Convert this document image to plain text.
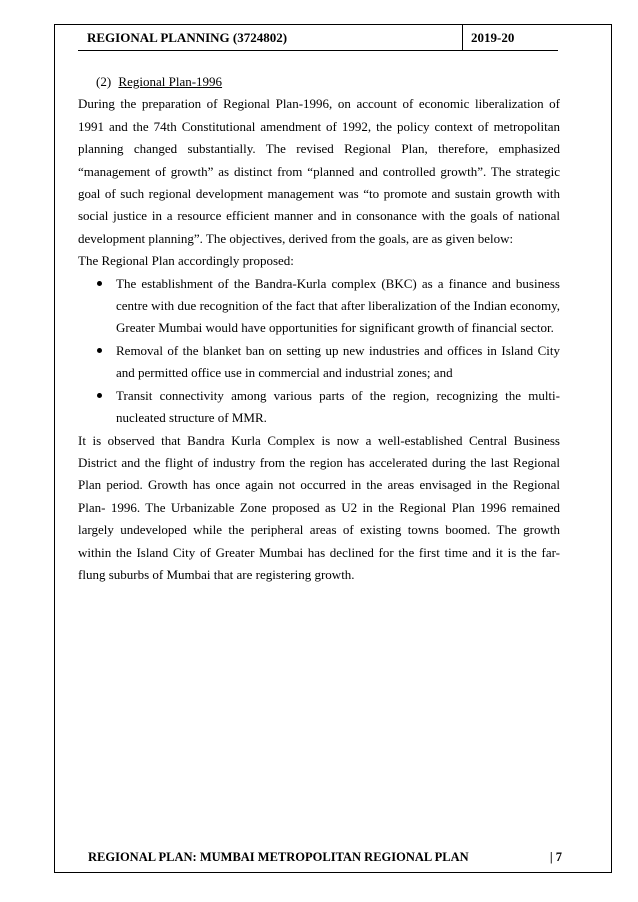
REGIONAL PLANNING (3724802)	2019-20

(2) Regional Plan-1996

During the preparation of Regional Plan-1996, on account of economic liberalization of 1991 and the 74th Constitutional amendment of 1992, the policy context of metropolitan planning changed substantially. The revised Regional Plan, therefore, emphasized “management of growth” as distinct from “planned and controlled growth”. The strategic goal of such regional development management was “to promote and sustain growth with social justice in a resource efficient manner and in consonance with the goals of national development planning”. The objectives, derived from the goals, are as given below:

The Regional Plan accordingly proposed:

The establishment of the Bandra-Kurla complex (BKC) as a finance and business centre with due recognition of the fact that after liberalization of the Indian economy, Greater Mumbai would have opportunities for significant growth of financial sector.
Removal of the blanket ban on setting up new industries and offices in Island City and permitted office use in commercial and industrial zones; and
Transit connectivity among various parts of the region, recognizing the multi-nucleated structure of MMR.

It is observed that Bandra Kurla Complex is now a well-established Central Business District and the flight of industry from the region has accelerated during the last Regional Plan period. Growth has once again not occurred in the areas envisaged in the Regional Plan- 1996. The Urbanizable Zone proposed as U2 in the Regional Plan 1996 remained largely undeveloped while the peripheral areas of existing towns boomed. The growth within the Island City of Greater Mumbai has declined for the first time and it is the far-flung suburbs of Mumbai that are registering growth.

REGIONAL PLAN: MUMBAI METROPOLITAN REGIONAL PLAN	| 7
